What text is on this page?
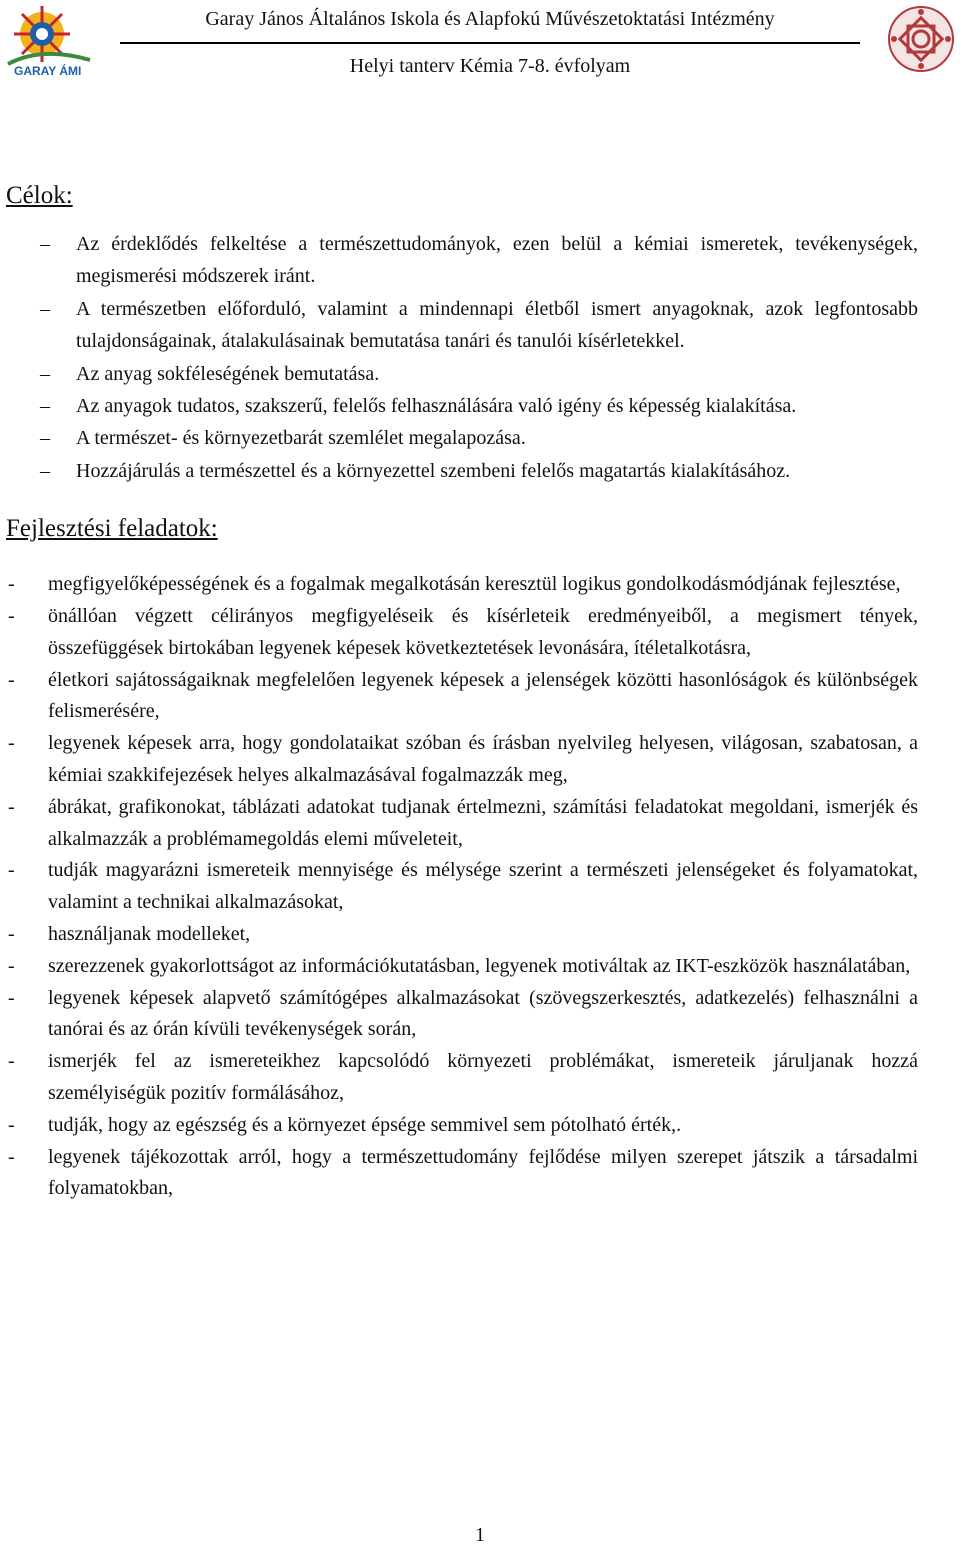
GARAY ÁMI
Garay János Általános Iskola és Alapfokú Művészetoktatási Intézmény
Helyi tanterv Kémia 7-8. évfolyam
Célok:
– Az érdeklődés felkeltése a természettudományok, ezen belül a kémiai ismeretek, tevékenységek, megismerési módszerek iránt.
– A természetben előforduló, valamint a mindennapi életből ismert anyagoknak, azok legfontosabb tulajdonságainak, átalakulásainak bemutatása tanári és tanulói kísérletekkel.
– Az anyag sokféleségének bemutatása.
– Az anyagok tudatos, szakszerű, felelős felhasználására való igény és képesség kialakítása.
– A természet- és környezetbarát szemlélet megalapozása.
– Hozzájárulás a természettel és a környezettel szembeni felelős magatartás kialakításához.
Fejlesztési feladatok:
- megfigyelőképességének és a fogalmak megalkotásán keresztül logikus gondolkodásmódjának fejlesztése,
- önállóan végzett célirányos megfigyeléseik és kísérleteik eredményeiből, a megismert tények, összefüggések birtokában legyenek képesek következtetések levonására, ítéletalkotásra,
- életkori sajátosságaiknak megfelelően legyenek képesek a jelenségek közötti hasonlóságok és különbségek felismerésére,
- legyenek képesek arra, hogy gondolataikat szóban és írásban nyelvileg helyesen, világosan, szabatosan, a kémiai szakkifejezések helyes alkalmazásával fogalmazzák meg,
- ábrákat, grafikonokat, táblázati adatokat tudjanak értelmezni, számítási feladatokat megoldani, ismerjék és alkalmazzák a problémamegoldás elemi műveleteit,
- tudják magyarázni ismereteik mennyisége és mélysége szerint a természeti jelenségeket és folyamatokat, valamint a technikai alkalmazásokat,
- használjanak modelleket,
- szerezzenek gyakorlottságot az információkutatásban, legyenek motiváltak az IKT-eszközök használatában,
- legyenek képesek alapvető számítógépes alkalmazásokat (szövegszerkesztés, adatkezelés) felhasználni a tanórai és az órán kívüli tevékenységek során,
- ismerjék fel az ismereteikhez kapcsolódó környezeti problémákat, ismereteik járuljanak hozzá személyiségük pozitív formálásához,
- tudják, hogy az egészség és a környezet épsége semmivel sem pótolható érték,.
- legyenek tájékozottak arról, hogy a természettudomány fejlődése milyen szerepet játszik a társadalmi folyamatokban,
1
